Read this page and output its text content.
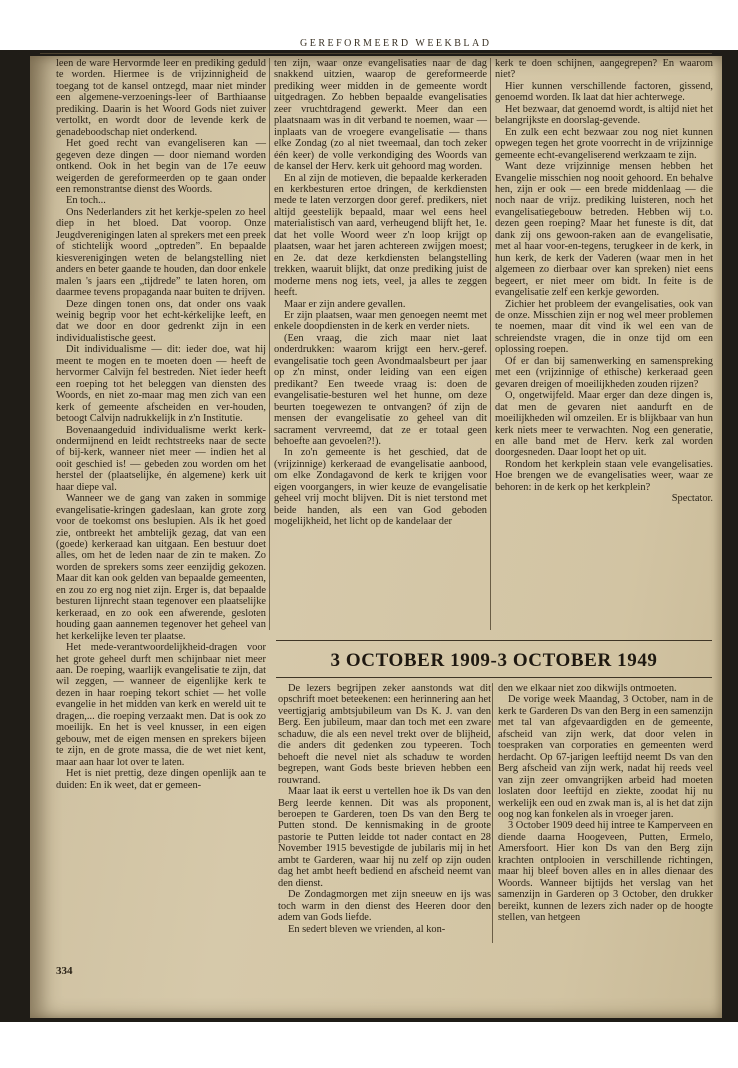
GEREFORMEERD WEEKBLAD

leen de ware Hervormde leer en prediking geduld te worden. Hiermee is de vrijzinnigheid de toegang tot de kansel ontzegd, maar niet minder een algemene-verzoenings-leer of Barthiaanse prediking. Daarin is het Woord Gods niet zuiver vertolkt, en wordt door de levende kerk de genadeboodschap niet onderkend.

Het goed recht van evangeliseren kan — gegeven deze dingen — door niemand worden ontkend. Ook in het begin van de 17e eeuw weigerden de gereformeerden op te gaan onder een remonstrantse dienst des Woords.

En toch...

Ons Nederlanders zit het kerkje-spelen zo heel diep in het bloed. Dat voorop. Onze Jeugdverenigingen laten al sprekers met een preek of stichtelijk woord „optreden”. En bepaalde kiesverenigingen weten de belangstelling niet anders en beter gaande te houden, dan door enkele malen 's jaars een „tijdrede” te laten horen, om daarmee tevens propaganda naar buiten te drijven.

Deze dingen tonen ons, dat onder ons vaak weinig begrip voor het echt-kérkelijke leeft, en dat we door en door gedrenkt zijn in een individualistische geest.

Dit individualisme — dit: ieder doe, wat hij meent te mogen en te moeten doen — heeft de hervormer Calvijn fel bestreden. Niet ieder heeft een roeping tot het beleggen van diensten des Woords, en niet zo-maar mag men zich van een kerk of gemeente afscheiden en ver-houden, betoogt Calvijn nadrukkelijk in z'n Institutie.

Bovenaangeduid individualisme werkt kerk-ondermijnend en leidt rechtstreeks naar de secte of bij-kerk, wanneer niet meer — indien het al ooit geschied is! — gebeden zou worden om het herstel der (plaatselijke, én algemene) kerk uit haar diepe val.

Wanneer we de gang van zaken in sommige evangelisatie-kringen gadeslaan, kan grote zorg voor de toekomst ons beslupien. Als ik het goed zie, ontbreekt het ambtelijk gezag, dat van een (goede) kerkeraad kan uitgaan. Een bestuur doet alles, om het de leden naar de zin te maken. Zo worden de sprekers soms zeer eenzijdig gekozen. Maar dit kan ook gelden van bepaalde gemeenten, en zou zo erg nog niet zijn. Erger is, dat bepaalde besturen lijnrecht staan tegenover een plaatselijke kerkeraad, en zo ook een afwerende, gesloten houding gaan aannemen tegenover het geheel van het kerkelijke leven ter plaatse.

Het mede-verantwoordelijkheid-dragen voor het grote geheel durft men schijnbaar niet meer aan. De roeping, waarlijk evangelisatie te zijn, dat wil zeggen, — wanneer de eigenlijke kerk te dezen in haar roeping tekort schiet — het volle evangelie in het midden van kerk en wereld uit te dragen,... die roeping verzaakt men. Dat is ook zo moeilijk. En het is veel knusser, in een eigen gebouw, met de eigen mensen en sprekers bijeen te zijn, en de grote massa, die de wet niet kent, maar aan haar lot over te laten.

Het is niet prettig, deze dingen openlijk aan te duiden: En ik weet, dat er gemeen-

ten zijn, waar onze evangelisaties naar de dag snakkend uitzien, waarop de gereformeerde prediking weer midden in de gemeente wordt uitgedragen. Zo hebben bepaalde evangelisaties zeer vruchtdragend gewerkt. Meer dan een plaatsnaam was in dit verband te noemen, waar — inplaats van de vroegere evangelisatie — thans elke Zondag (zo al niet tweemaal, dan toch zeker één keer) de volle verkondiging des Woords van de kansel der Herv. kerk uit gehoord mag worden.

En al zijn de motieven, die bepaalde kerkeraden en kerkbesturen ertoe dringen, de kerkdiensten mede te laten verzorgen door geref. predikers, niet altijd geestelijk bepaald, maar wel eens heel materialistisch van aard, verheugend blijft het, 1e. dat het volle Woord weer z'n loop krijgt op plaatsen, waar het jaren achtereen zwijgen moest; en 2e. dat deze kerkdiensten belangstelling trekken, waaruit blijkt, dat onze prediking juist de moderne mens nog iets, veel, ja alles te zeggen heeft.

Maar er zijn andere gevallen.

Er zijn plaatsen, waar men genoegen neemt met enkele doopdiensten in de kerk en verder niets.

(Een vraag, die zich maar niet laat onderdrukken: waarom krijgt een herv.-geref. evangelisatie toch geen Avondmaalsbeurt per jaar op z'n minst, onder leiding van een eigen predikant? Een tweede vraag is: doen de evangelisatie-besturen wel het hunne, om deze beurten toegewezen te ontvangen? óf zijn de mensen der evangelisatie zo geheel van dit sacrament vervreemd, dat ze er totaal geen behoefte aan gevoelen?!).

In zo'n gemeente is het geschied, dat de (vrijzinnige) kerkeraad de evangelisatie aanbood, om elke Zondagavond de kerk te krijgen voor eigen voorgangers, in wier keuze de evangelisatie geheel vrij mocht blijven. Dit is niet terstond met beide handen, als een van God geboden mogelijkheid, het licht op de kandelaar der

kerk te doen schijnen, aangegrepen? En waarom niet?

Hier kunnen verschillende factoren, gissend, genoemd worden. Ik laat dat hier achterwege.

Het bezwaar, dat genoemd wordt, is altijd niet het belangrijkste en doorslag-gevende.

En zulk een echt bezwaar zou nog niet kunnen opwegen tegen het grote voorrecht in de vrijzinnige gemeente echt-evangeliserend werkzaam te zijn.

Want deze vrijzinnige mensen hebben het Evangelie misschien nog nooit gehoord. En behalve hen, zijn er ook — een brede middenlaag — die noch naar de vrijz. prediking luisteren, noch het evangelisatiegebouw betreden. Hebben wij t.o. dezen geen roeping? Maar het funeste is dit, dat dank zij ons gewoon-raken aan de evangelisatie, met al haar voor-en-tegens, terugkeer in de kerk, in hun kerk, de kerk der Vaderen (waar men in het algemeen zo dierbaar over kan spreken) niet eens begeert, er niet meer om bidt. In feite is de evangelisatie zelf een kerkje geworden.

Zichier het probleem der evangelisaties, ook van de onze. Misschien zijn er nog wel meer problemen te noemen, maar dit vind ik wel een van de schreiendste vragen, die in onze tijd om een oplossing roepen.

Of er dan bij samenwerking en samenspreking met een (vrijzinnige of ethische) kerkeraad geen gevaren dreigen of moeilijkheden zouden rijzen?

O, ongetwijfeld. Maar erger dan deze dingen is, dat men de gevaren niet aandurft en de moeilijkheden wil omzeilen. Er is blijkbaar van hun kerk niets meer te verwachten. Nog een generatie, en alle band met de Herv. kerk zal worden doorgesneden. Daar loopt het op uit.

Rondom het kerkplein staan vele evangelisaties. Hoe brengen we de evangelisaties weer, waar ze behoren: in de kerk op het kerkplein?

Spectator.

3 OCTOBER 1909-3 OCTOBER 1949

De lezers begrijpen zeker aanstonds wat dit opschrift moet beteekenen: een herinnering aan het veertigjarig ambtsjubileum van Ds K. J. van den Berg. Een jubileum, maar dan toch met een zware schaduw, die als een nevel trekt over de blijheid, die anders dit gedenken zou typeeren. Toch behoeft die nevel niet als schaduw te worden begrepen, want Gods beste brieven hebben een rouwrand.

Maar laat ik eerst u vertellen hoe ik Ds van den Berg leerde kennen. Dit was als proponent, beroepen te Garderen, toen Ds van den Berg te Putten stond. De kennismaking in de groote pastorie te Putten leidde tot nader contact en 28 November 1915 bevestigde de jubilaris mij in het ambt te Garderen, waar hij nu zelf op zijn ouden dag het ambt heeft bediend en afscheid neemt van den dienst.

De Zondagmorgen met zijn sneeuw en ijs was toch warm in den dienst des Heeren door den adem van Gods liefde.

En sedert bleven we vrienden, al kon-

den we elkaar niet zoo dikwijls ontmoeten.

De vorige week Maandag, 3 October, nam in de kerk te Garderen Ds van den Berg in een samenzijn met tal van afgevaardigden en de gemeente, afscheid van zijn werk, dat door velen in toespraken van corporaties en gemeenten werd herdacht. Op 67-jarigen leeftijd neemt Ds van den Berg afscheid van zijn werk, nadat hij reeds veel van zijn zeer omvangrijken arbeid had moeten loslaten door leeftijd en ziekte, zoodat hij nu werkelijk een oud en zwak man is, al is het dat zijn oog nog kan fonkelen als in vroeger jaren.

3 October 1909 deed hij intree te Kamperveen en diende daarna Hoogeveen, Putten, Ermelo, Amersfoort. Hier kon Ds van den Berg zijn krachten ontplooien in verschillende richtingen, maar hij bleef boven alles en in alles dienaar des Woords. Wanneer bijtijds het verslag van het samenzijn in Garderen op 3 October, den drukker bereikt, kunnen de lezers zich nader op de hoogte stellen, van hetgeen

334
